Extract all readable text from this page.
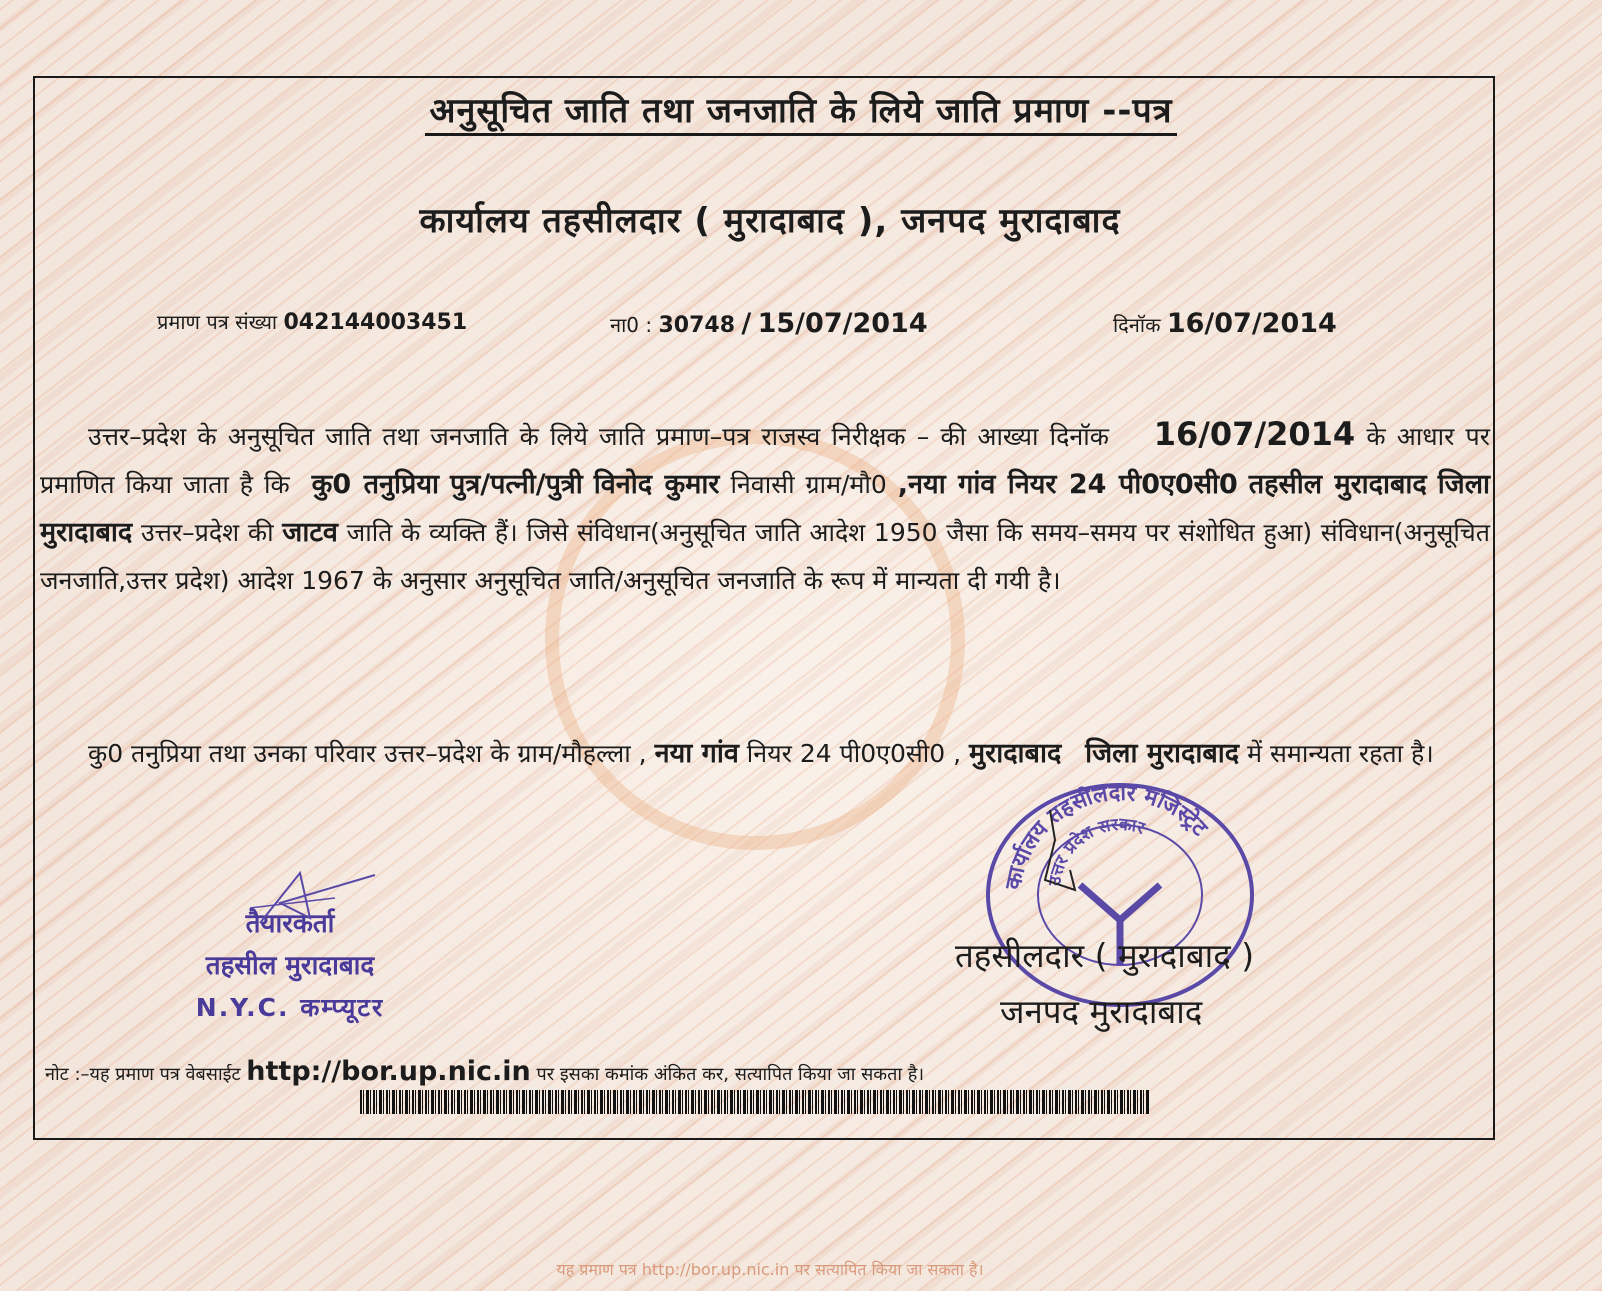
अनुसूचित जाति तथा जनजाति के लिये जाति प्रमाण --पत्र
कार्यालय तहसीलदार ( मुरादाबाद ), जनपद मुरादाबाद
प्रमाण पत्र संख्या 042144003451	ना0 : 30748 / 15/07/2014	दिनॉक 16/07/2014
उत्तर–प्रदेश के अनुसूचित जाति तथा जनजाति के लिये जाति प्रमाण–पत्र राजस्व निरीक्षक – की आख्या दिनॉक 16/07/2014 के आधार पर प्रमाणित किया जाता है कि कु0 तनुप्रिया पुत्र/पत्नी/पुत्री विनोद कुमार निवासी ग्राम/मौ0 ,नया गांव नियर 24 पी0ए0सी0 तहसील मुरादाबाद जिला मुरादाबाद उत्तर–प्रदेश की जाटव जाति के व्यक्ति हैं। जिसे संविधान(अनुसूचित जाति आदेश 1950 जैसा कि समय–समय पर संशोधित हुआ) संविधान(अनुसूचित जनजाति,उत्तर प्रदेश) आदेश 1967 के अनुसार अनुसूचित जाति/अनुसूचित जनजाति के रूप में मान्यता दी गयी है।
कु0 तनुप्रिया तथा उनका परिवार उत्तर–प्रदेश के ग्राम/मौहल्ला , नया गांव नियर 24 पी0ए0सी0 , मुरादाबाद जिला मुरादाबाद में समान्यता रहता है।
तैयारकर्ता
तहसील मुरादाबाद
N.Y.C. कम्प्यूटर
कार्यालय तहसीलदार मजिस्ट्रेट
उत्तर प्रदेश सरकार
तहसीलदार ( मुरादाबाद )
जनपद मुरादाबाद
नोट :–यह प्रमाण पत्र वेबसाईट http://bor.up.nic.in पर इसका कमांक अंकित कर, सत्यापित किया जा सकता है।
यह प्रमाण पत्र http://bor.up.nic.in पर सत्यापित किया जा सकता है।
